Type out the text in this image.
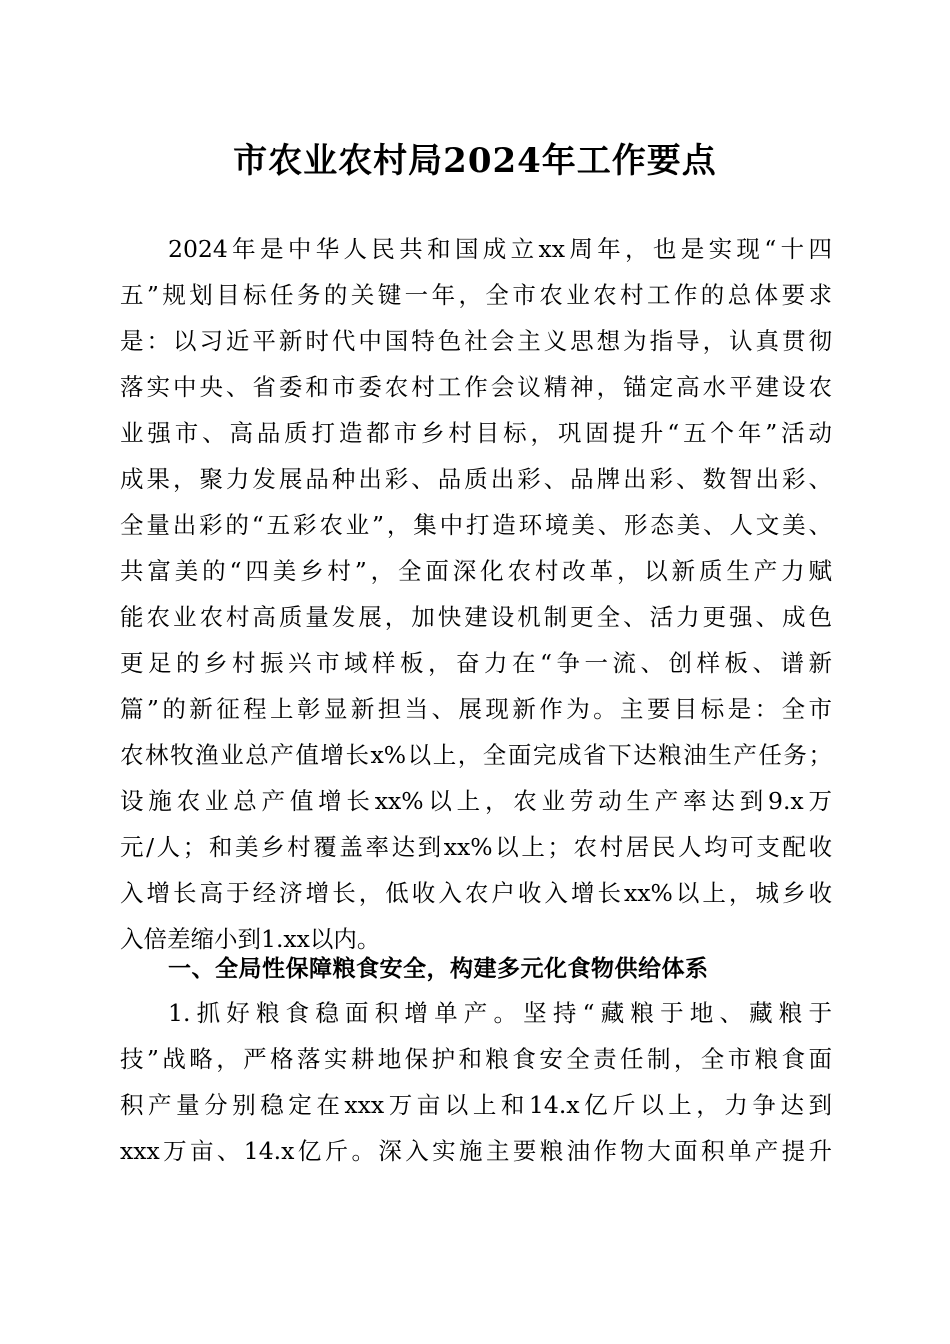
市农业农村局2024年工作要点

2024年是中华人民共和国成立xx周年，也是实现“十四

五”规划目标任务的关键一年，全市农业农村工作的总体要求

是：以习近平新时代中国特色社会主义思想为指导，认真贯彻

落实中央、省委和市委农村工作会议精神，锚定高水平建设农

业强市、高品质打造都市乡村目标，巩固提升“五个年”活动

成果，聚力发展品种出彩、品质出彩、品牌出彩、数智出彩、

全量出彩的“五彩农业”，集中打造环境美、形态美、人文美、

共富美的“四美乡村”，全面深化农村改革，以新质生产力赋

能农业农村高质量发展，加快建设机制更全、活力更强、成色

更足的乡村振兴市域样板，奋力在“争一流、创样板、谱新

篇”的新征程上彰显新担当、展现新作为。主要目标是：全市

农林牧渔业总产值增长x%以上，全面完成省下达粮油生产任务；

设施农业总产值增长xx%以上，农业劳动生产率达到9.x万

元/人；和美乡村覆盖率达到xx%以上；农村居民人均可支配收

入增长高于经济增长，低收入农户收入增长xx%以上，城乡收

入倍差缩小到1.xx以内。

一、全局性保障粮食安全，构建多元化食物供给体系

1.抓好粮食稳面积增单产。坚持“藏粮于地、藏粮于

技”战略，严格落实耕地保护和粮食安全责任制，全市粮食面

积产量分别稳定在xxx万亩以上和14.x亿斤以上，力争达到

xxx万亩、14.x亿斤。深入实施主要粮油作物大面积单产提升
